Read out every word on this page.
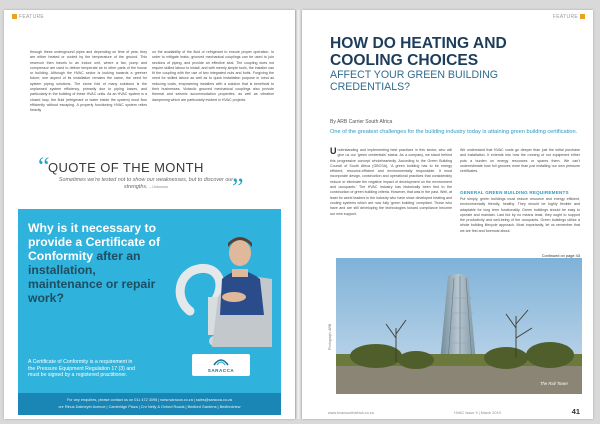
FEATURE
through these underground pipes and depending on time of year, they are either heated or cooled by the temperature of the ground. This reservoir then travels to an indoor unit, where a fan, pump and compressor are used to deliver temperate air to other parts of the house or building. Although the HVAC sector is looking towards a greener future, one aspect of its installation remains the same, the need for system piping solutions. The stone fold of many solutions is the unplanned system efficiency, primarily due to piping losses, and particularly in the building of these HVAC units. As an HVAC system is a closed loop, the fluid (refrigerant or water inside the system) must flow efficiently without escaping. A properly functioning HVAC system relies heavily
on the availability of the fluid or refrigerant to ensure proper operation. In order to mitigate leaks, grooved mechanical couplings can be used to join sections of piping, and provide an effective seal. The coupling does not require skilled labour to install, and with merely simple tools, the installer can fit the coupling with the use of two integrated nuts and bolts. Forgiving the need for skilled labour as well as to quick installation purpose in mind as reducing costs, empowering installers with a solution that is beneficial to their businesses. Victaulic grooved mechanical couplings also provide thermal and seismic accommodation properties, as well as vibration dampening which are particularly evident in HVAC projects.
“
”
QUOTE OF THE MONTH
Sometimes we're tested not to show our weaknesses, but to discover our strengths. – Unknown
Why is it necessary to provide a Certificate of Conformity after an installation, maintenance or repair work?
A Certificate of Conformity is a requirement in the Pressure Equipment Regulation 17 (3) and must be signed by a registered practitioner.
SARACCA
For any enquiries, please contact us on 011 472 3096 | www.saracca.co.za | sales@saracca.co.za
cnr Rinus Dalmeyer Avenue | Cambridge Plaza | Cnr Nelly & Oxford Roads | Bedford Gardens | Bedfordview
FEATURE
HOW DO HEATING AND COOLING CHOICES
AFFECT YOUR GREEN BUILDING CREDENTIALS?
By ARB Carrier South Africa
One of the greatest challenges for the building industry today is attaining green building certification.
Understanding and implementing best practices in this sector, who will give us our 'green credentials' status. As a company, we stand behind this progressive concept wholeheartedly. According to the Green Building Council of South Africa (GBCSA), 'A green building has to be energy efficient, resource-efficient and environmentally responsible. It must incorporate design, construction and operational practices that considerably reduce or eliminate the negative impact of development on the environment and occupants.' The HVAC industry has historically been tied to the construction of green building criteria. However, that was in the past. Well, at least for world leaders in the industry who have since developed heating and cooling systems which are now fully 'green building' compliant. Those who have and are still developing the technologies toward compliance become our new support.
We understand that HVAC costs go deeper than just the initial purchase and installation. It extends into how the running of our equipment either puts a burden on energy resources or spares them. We can't underestimate how full grooves more than just installing our own pressure certificates.
GENERAL GREEN BUILDING REQUIREMENTS
Put simply, green buildings must reduce resource and energy efficient, environmentally friendly, healthy. They should be highly flexible and adaptable for long term functionality. Green buildings should be easy to operate and maintain. Last but by no means least, they ought to support the productivity and well-being of the occupants. Green buildings utilise a whole building lifecycle approach. Most importantly, let us remember that we are first and foremost about.
Continued on page 43
Photograph: ARB
The Rail Tower
www.hvacsouthafrica.co.za	HVAC Issue 9 | March 2019	41
